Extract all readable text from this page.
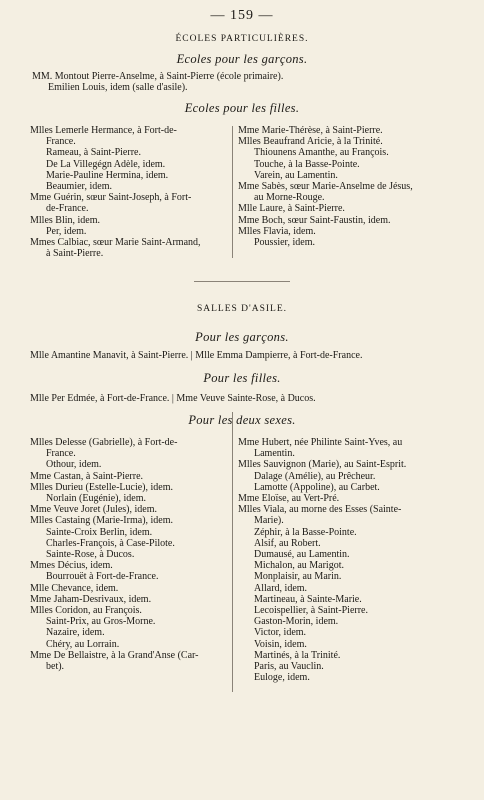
— 159 —
ÉCOLES PARTICULIÈRES.
Ecoles pour les garçons.
MM. Montout Pierre-Anselme, à Saint-Pierre (école primaire).
Emilien Louis, idem (salle d'asile).
Ecoles pour les filles.
Mlles Lemerle Hermance, à Fort-de-
France.
Rameau, à Saint-Pierre.
De La Villegégn Adèle, idem.
Marie-Pauline Hermina, idem.
Beaumier, idem.
Mme Guérin, sœur Saint-Joseph, à Fort-
de-France.
Mlles Blin, idem.
Per, idem.
Mmes Calbiac, sœur Marie Saint-Armand,
à Saint-Pierre.
Mme Marie-Thérèse, à Saint-Pierre.
Mlles Beaufrand Aricie, à la Trinité.
Thiounens Amanthe, au François.
Touche, à la Basse-Pointe.
Varein, au Lamentin.
Mme Sabès, sœur Marie-Anselme de Jésus,
au Morne-Rouge.
Mlle Laure, à Saint-Pierre.
Mme Boch, sœur Saint-Faustin, idem.
Mlles Flavia, idem.
Poussier, idem.
SALLES D'ASILE.
Pour les garçons.
Mlle Amantine Manavit, à Saint-Pierre. | Mlle Emma Dampierre, à Fort-de-France.
Pour les filles.
Mlle Per Edmée, à Fort-de-France. | Mme Veuve Sainte-Rose, à Ducos.
Pour les deux sexes.
Mlles Delesse (Gabrielle), à Fort-de-
France.
Othour, idem.
Mme Castan, à Saint-Pierre.
Mlles Durieu (Estelle-Lucie), idem.
Norlain (Eugénie), idem.
Mme Veuve Joret (Jules), idem.
Mlles Castaing (Marie-Irma), idem.
Sainte-Croix Berlin, idem.
Charles-François, à Case-Pilote.
Sainte-Rose, à Ducos.
Mmes Décius, idem.
Bourrouët à Fort-de-France.
Mlle Chevance, idem.
Mme Jaham-Desrivaux, idem.
Mlles Coridon, au François.
Saint-Prix, au Gros-Morne.
Nazaire, idem.
Chéry, au Lorrain.
Mme De Bellaistre, à la Grand'Anse (Car-
bet).
Mme Hubert, née Philinte Saint-Yves, au
Lamentin.
Mlles Sauvignon (Marie), au Saint-Esprit.
Dalage (Amélie), au Prêcheur.
Lamotte (Appoline), au Carbet.
Mme Eloïse, au Vert-Pré.
Mlles Viala, au morne des Esses (Sainte-
Marie).
Zéphir, à la Basse-Pointe.
Alsif, au Robert.
Dumausé, au Lamentin.
Michalon, au Marigot.
Monplaisir, au Marin.
Allard, idem.
Martineau, à Sainte-Marie.
Lecoispellier, à Saint-Pierre.
Gaston-Morin, idem.
Victor, idem.
Voisin, idem.
Martinés, à la Trinité.
Paris, au Vauclin.
Euloge, idem.
